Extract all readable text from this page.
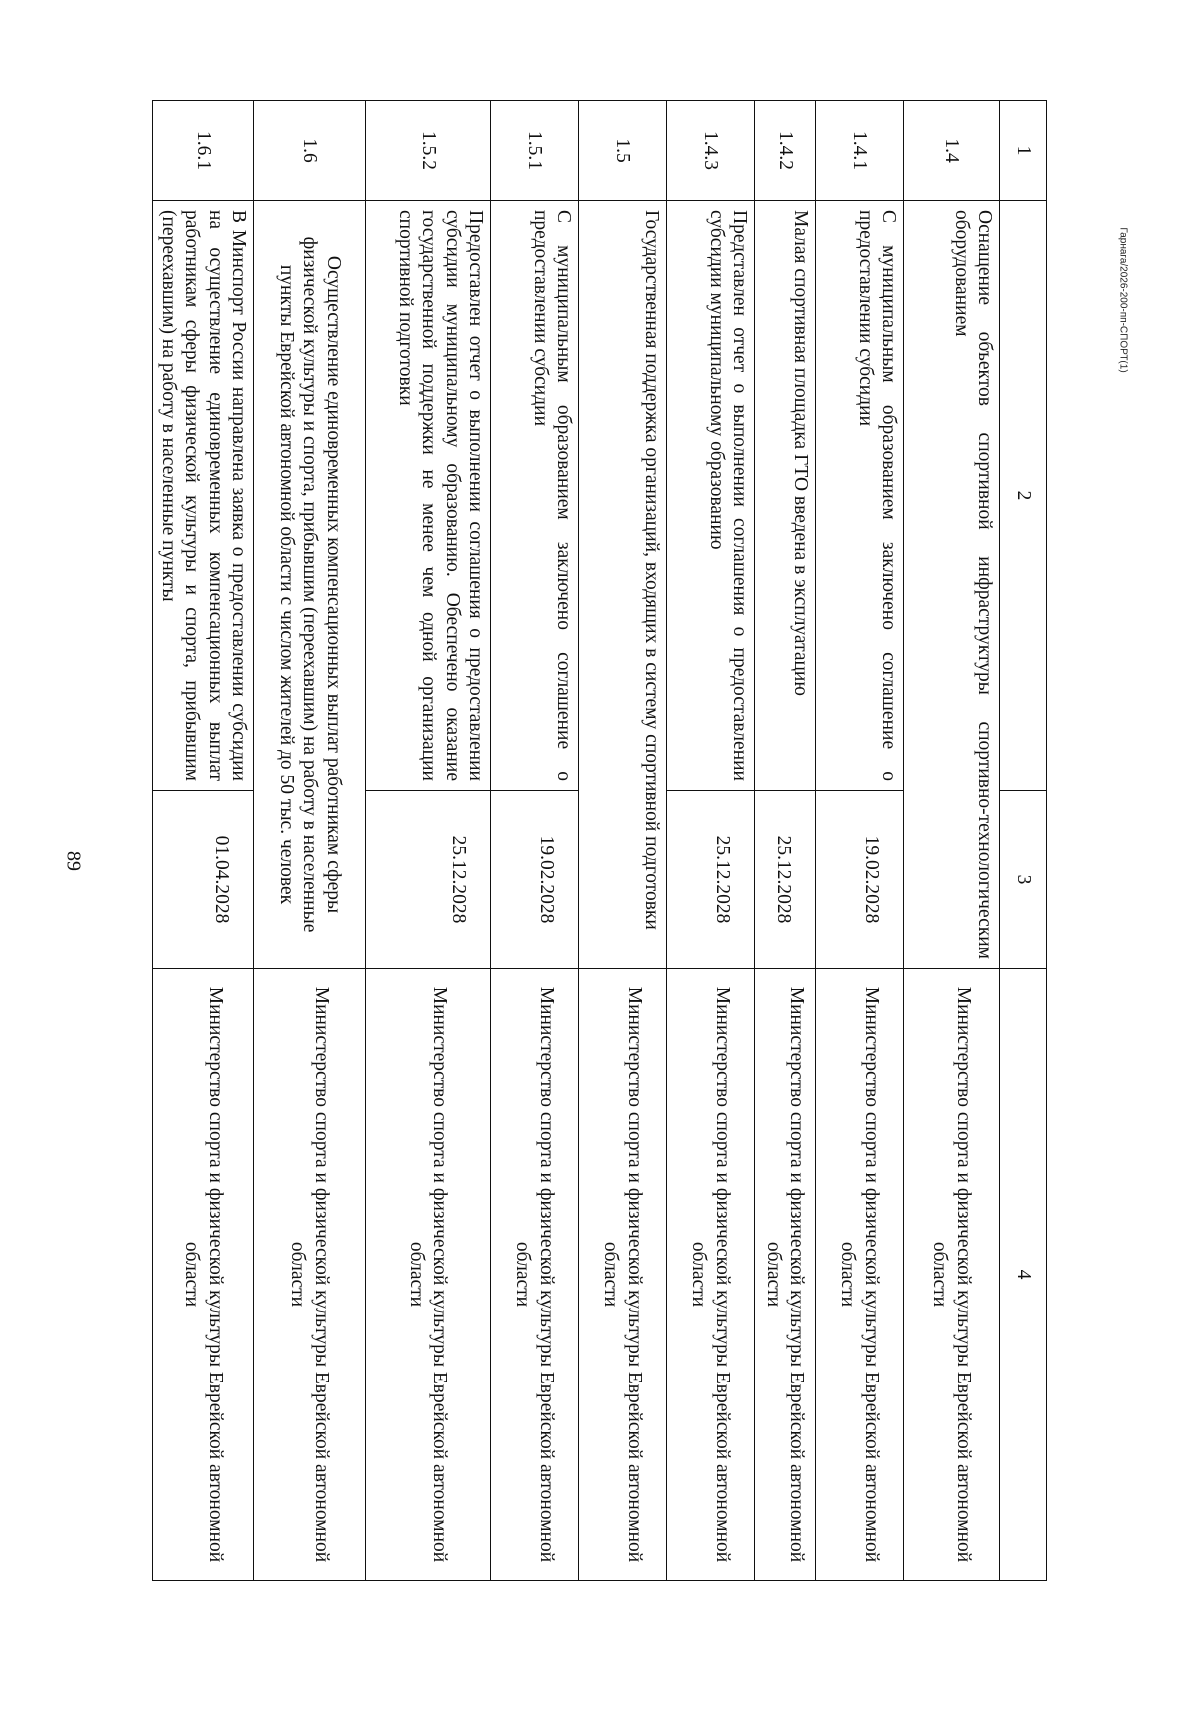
89
Гарнага/2026-200-пп-СПОРТ(1)
1	2	3	4
1.4	Оснащение объектов спортивной инфраструктуры спортивно-технологическим оборудованием		Министерство спорта и физической культуры Еврейской автономной области
1.4.1	С муниципальным образованием заключено соглашение о предоставлении субсидии	19.02.2028	Министерство спорта и физической культуры Еврейской автономной области
1.4.2	Малая спортивная площадка ГТО введена в эксплуатацию	25.12.2028	Министерство спорта и физической культуры Еврейской автономной области
1.4.3	Представлен отчет о выполнении соглашения о предоставлении субсидии муниципальному образованию	25.12.2028	Министерство спорта и физической культуры Еврейской автономной области
1.5	Государственная поддержка организаций, входящих в систему спортивной подготовки		Министерство спорта и физической культуры Еврейской автономной области
1.5.1	С муниципальным образованием заключено соглашение о предоставлении субсидии	19.02.2028	Министерство спорта и физической культуры Еврейской автономной области
1.5.2	Предоставлен отчет о выполнении соглашения о предоставлении субсидии муниципальному образованию. Обеспечено оказание государственной поддержки не менее чем одной организации спортивной подготовки	25.12.2028	Министерство спорта и физической культуры Еврейской автономной области
1.6	Осуществление единовременных компенсационных выплат работникам сферы физической культуры и спорта, прибывшим (переехавшим) на работу в населенные пункты Еврейской автономной области с числом жителей до 50 тыс. человек		Министерство спорта и физической культуры Еврейской автономной области
1.6.1	В Минспорт России направлена заявка о предоставлении субсидии на осуществление единовременных компенсационных выплат работникам сферы физической культуры и спорта, прибывшим (переехавшим) на работу в населенные пункты	01.04.2028	Министерство спорта и физической культуры Еврейской автономной области
